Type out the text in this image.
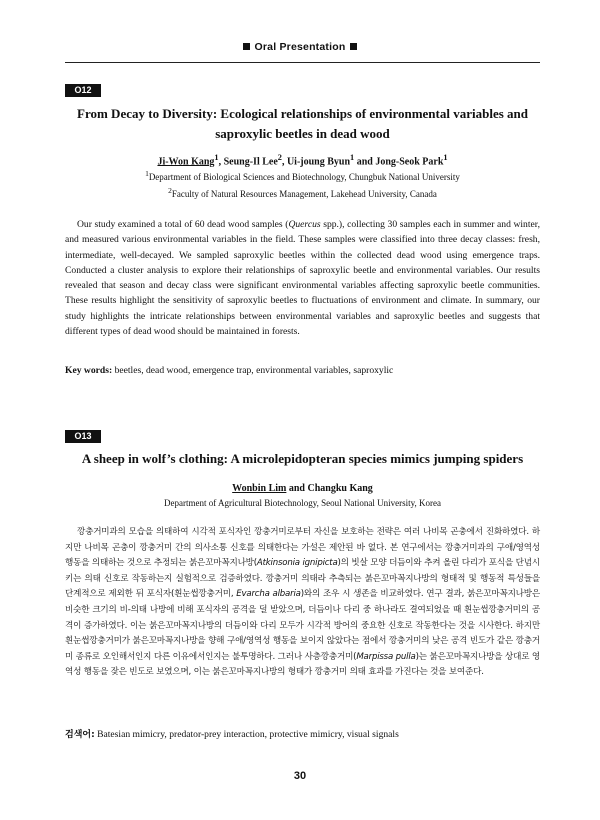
Oral Presentation
O12
From Decay to Diversity: Ecological relationships of environmental variables and
saproxylic beetles in dead wood
Ji-Won Kang$^1$, Seung-Il Lee$^2$, Ui-joung Byun$^1$ and Jong-Seok Park$^1$
$^1$Department of Biological Sciences and Biotechnology, Chungbuk National University
$^2$Faculty of Natural Resources Management, Lakehead University, Canada
Our study examined a total of 60 dead wood samples (Quercus spp.), collecting 30 samples each in summer and winter, and measured various environmental variables in the field. These samples were classified into three decay classes: fresh, intermediate, well-decayed. We sampled saproxylic beetles within the collected dead wood using emergence traps. Conducted a cluster analysis to explore their relationships of saproxylic beetle and environmental variables. Our results revealed that season and decay class were significant environmental variables affecting saproxylic beetle communities. These results highlight the sensitivity of saproxylic beetles to fluctuations of environment and climate. In summary, our study highlights the intricate relationships between environmental variables and saproxylic beetles and suggests that different types of dead wood should be maintained in forests.
Key words: beetles, dead wood, emergence trap, environmental variables, saproxylic
O13
A sheep in wolf’s clothing: A microlepidopteran species mimics jumping spiders
Wonbin Lim and Changku Kang
Department of Agricultural Biotechnology, Seoul National University, Korea
깡충거미과의 모습을 의태하여 시각적 포식자인 깡충거미로부터 자신을 보호하는 전략은 여러 나비목 곤충에서 진화하였다. 하지만 나비목 곤충이 깡충거미 간의 의사소통 신호를 의태한다는 가설은 제안된 바 없다. 본 연구에서는 깡충거미과의 구애/영역성 행동을 의태하는 것으로 추정되는 붉은꼬마꼭지나방(Atkinsonia ignipicta)의 빗살 모양 더듬이와 추켜 올린 다리가 포식을 단념시키는 의태 신호로 작동하는지 실험적으로 검증하였다. 깡충거미 의태라 추측되는 붉은꼬마꼭지나방의 형태적 및 행동적 특성들을 단계적으로 제외한 뒤 포식자(흰눈썹깡충거미, Evarcha albaria)와의 조우 시 생존을 비교하였다. 연구 결과, 붉은꼬마꼭지나방은 비슷한 크기의 비-의태 나방에 비해 포식자의 공격을 덜 받았으며, 더듬이나 다리 중 하나라도 결여되었을 때 흰눈썹깡충거미의 공격이 증가하였다. 이는 붉은꼬마꼭지나방의 더듬이와 다리 모두가 시각적 방어의 중요한 신호로 작동한다는 것을 시사한다. 하지만 흰눈썹깡충거미가 붉은꼬마꼭지나방을 향해 구애/영역성 행동을 보이지 않았다는 점에서 깡충거미의 낮은 공격 빈도가 같은 깡충거미 종류로 오인해서인지 다른 이유에서인지는 불투명하다. 그러나 사층깡충거미(Marpissa pulla)는 붉은꼬마꼭지나방을 상대로 영역성 행동을 잦은 빈도로 보였으며, 이는 붉은꼬마꼭지나방의 형태가 깡충거미 의태 효과를 가진다는 것을 보여준다.
검색어: Batesian mimicry, predator-prey interaction, protective mimicry, visual signals
30
